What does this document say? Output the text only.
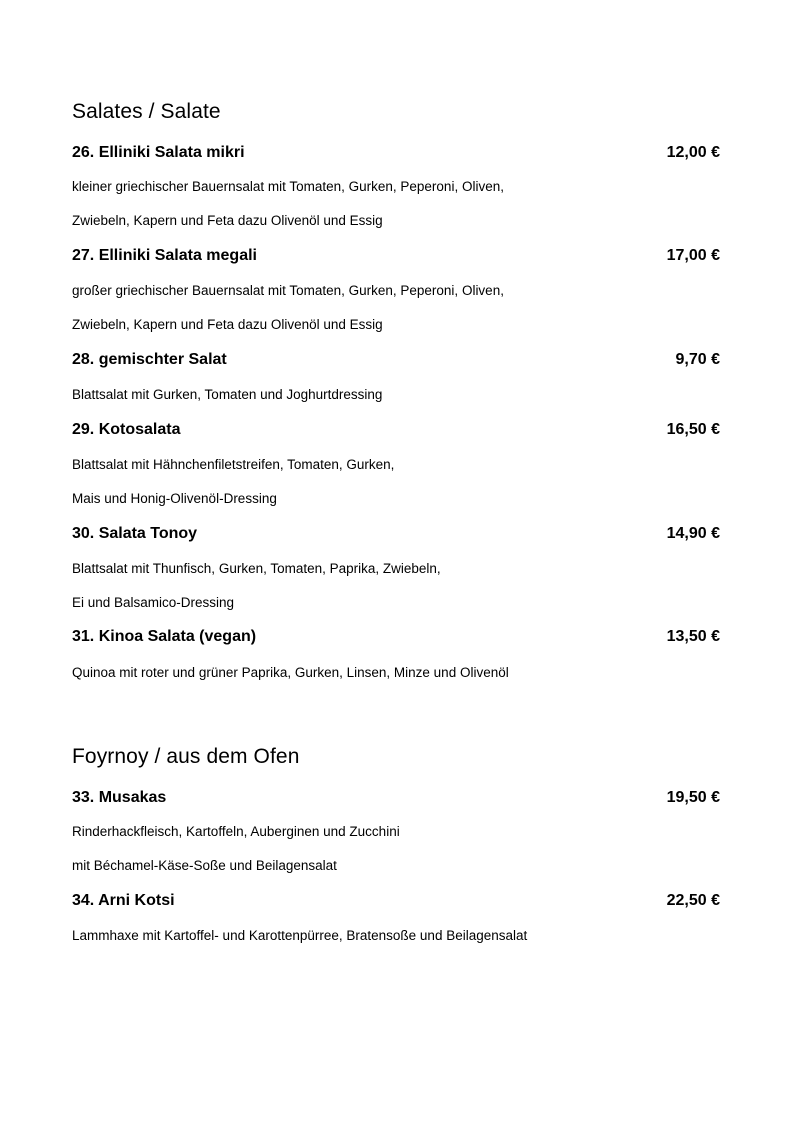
Salates / Salate
26. Elliniki Salata mikri	12,00 €
kleiner griechischer Bauernsalat mit Tomaten, Gurken, Peperoni, Oliven,
Zwiebeln, Kapern und Feta dazu Olivenöl und Essig
27. Elliniki Salata megali	17,00 €
großer griechischer Bauernsalat mit Tomaten, Gurken, Peperoni, Oliven,
Zwiebeln, Kapern und Feta dazu Olivenöl und Essig
28. gemischter Salat	9,70 €
Blattsalat mit Gurken, Tomaten und Joghurtdressing
29. Kotosalata	16,50 €
Blattsalat mit Hähnchenfiletstreifen, Tomaten, Gurken,
Mais und Honig-Olivenöl-Dressing
30. Salata Tonoy	14,90 €
Blattsalat mit Thunfisch, Gurken, Tomaten, Paprika, Zwiebeln,
Ei und Balsamico-Dressing
31. Kinoa Salata (vegan)	13,50 €
Quinoa mit roter und grüner Paprika, Gurken, Linsen, Minze und Olivenöl
Foyrnoy / aus dem Ofen
33. Musakas	19,50 €
Rinderhackfleisch, Kartoffeln, Auberginen und Zucchini
mit Béchamel-Käse-Soße und Beilagensalat
34. Arni Kotsi	22,50 €
Lammhaxe mit Kartoffel- und Karottenpürree, Bratensoße und Beilagensalat
